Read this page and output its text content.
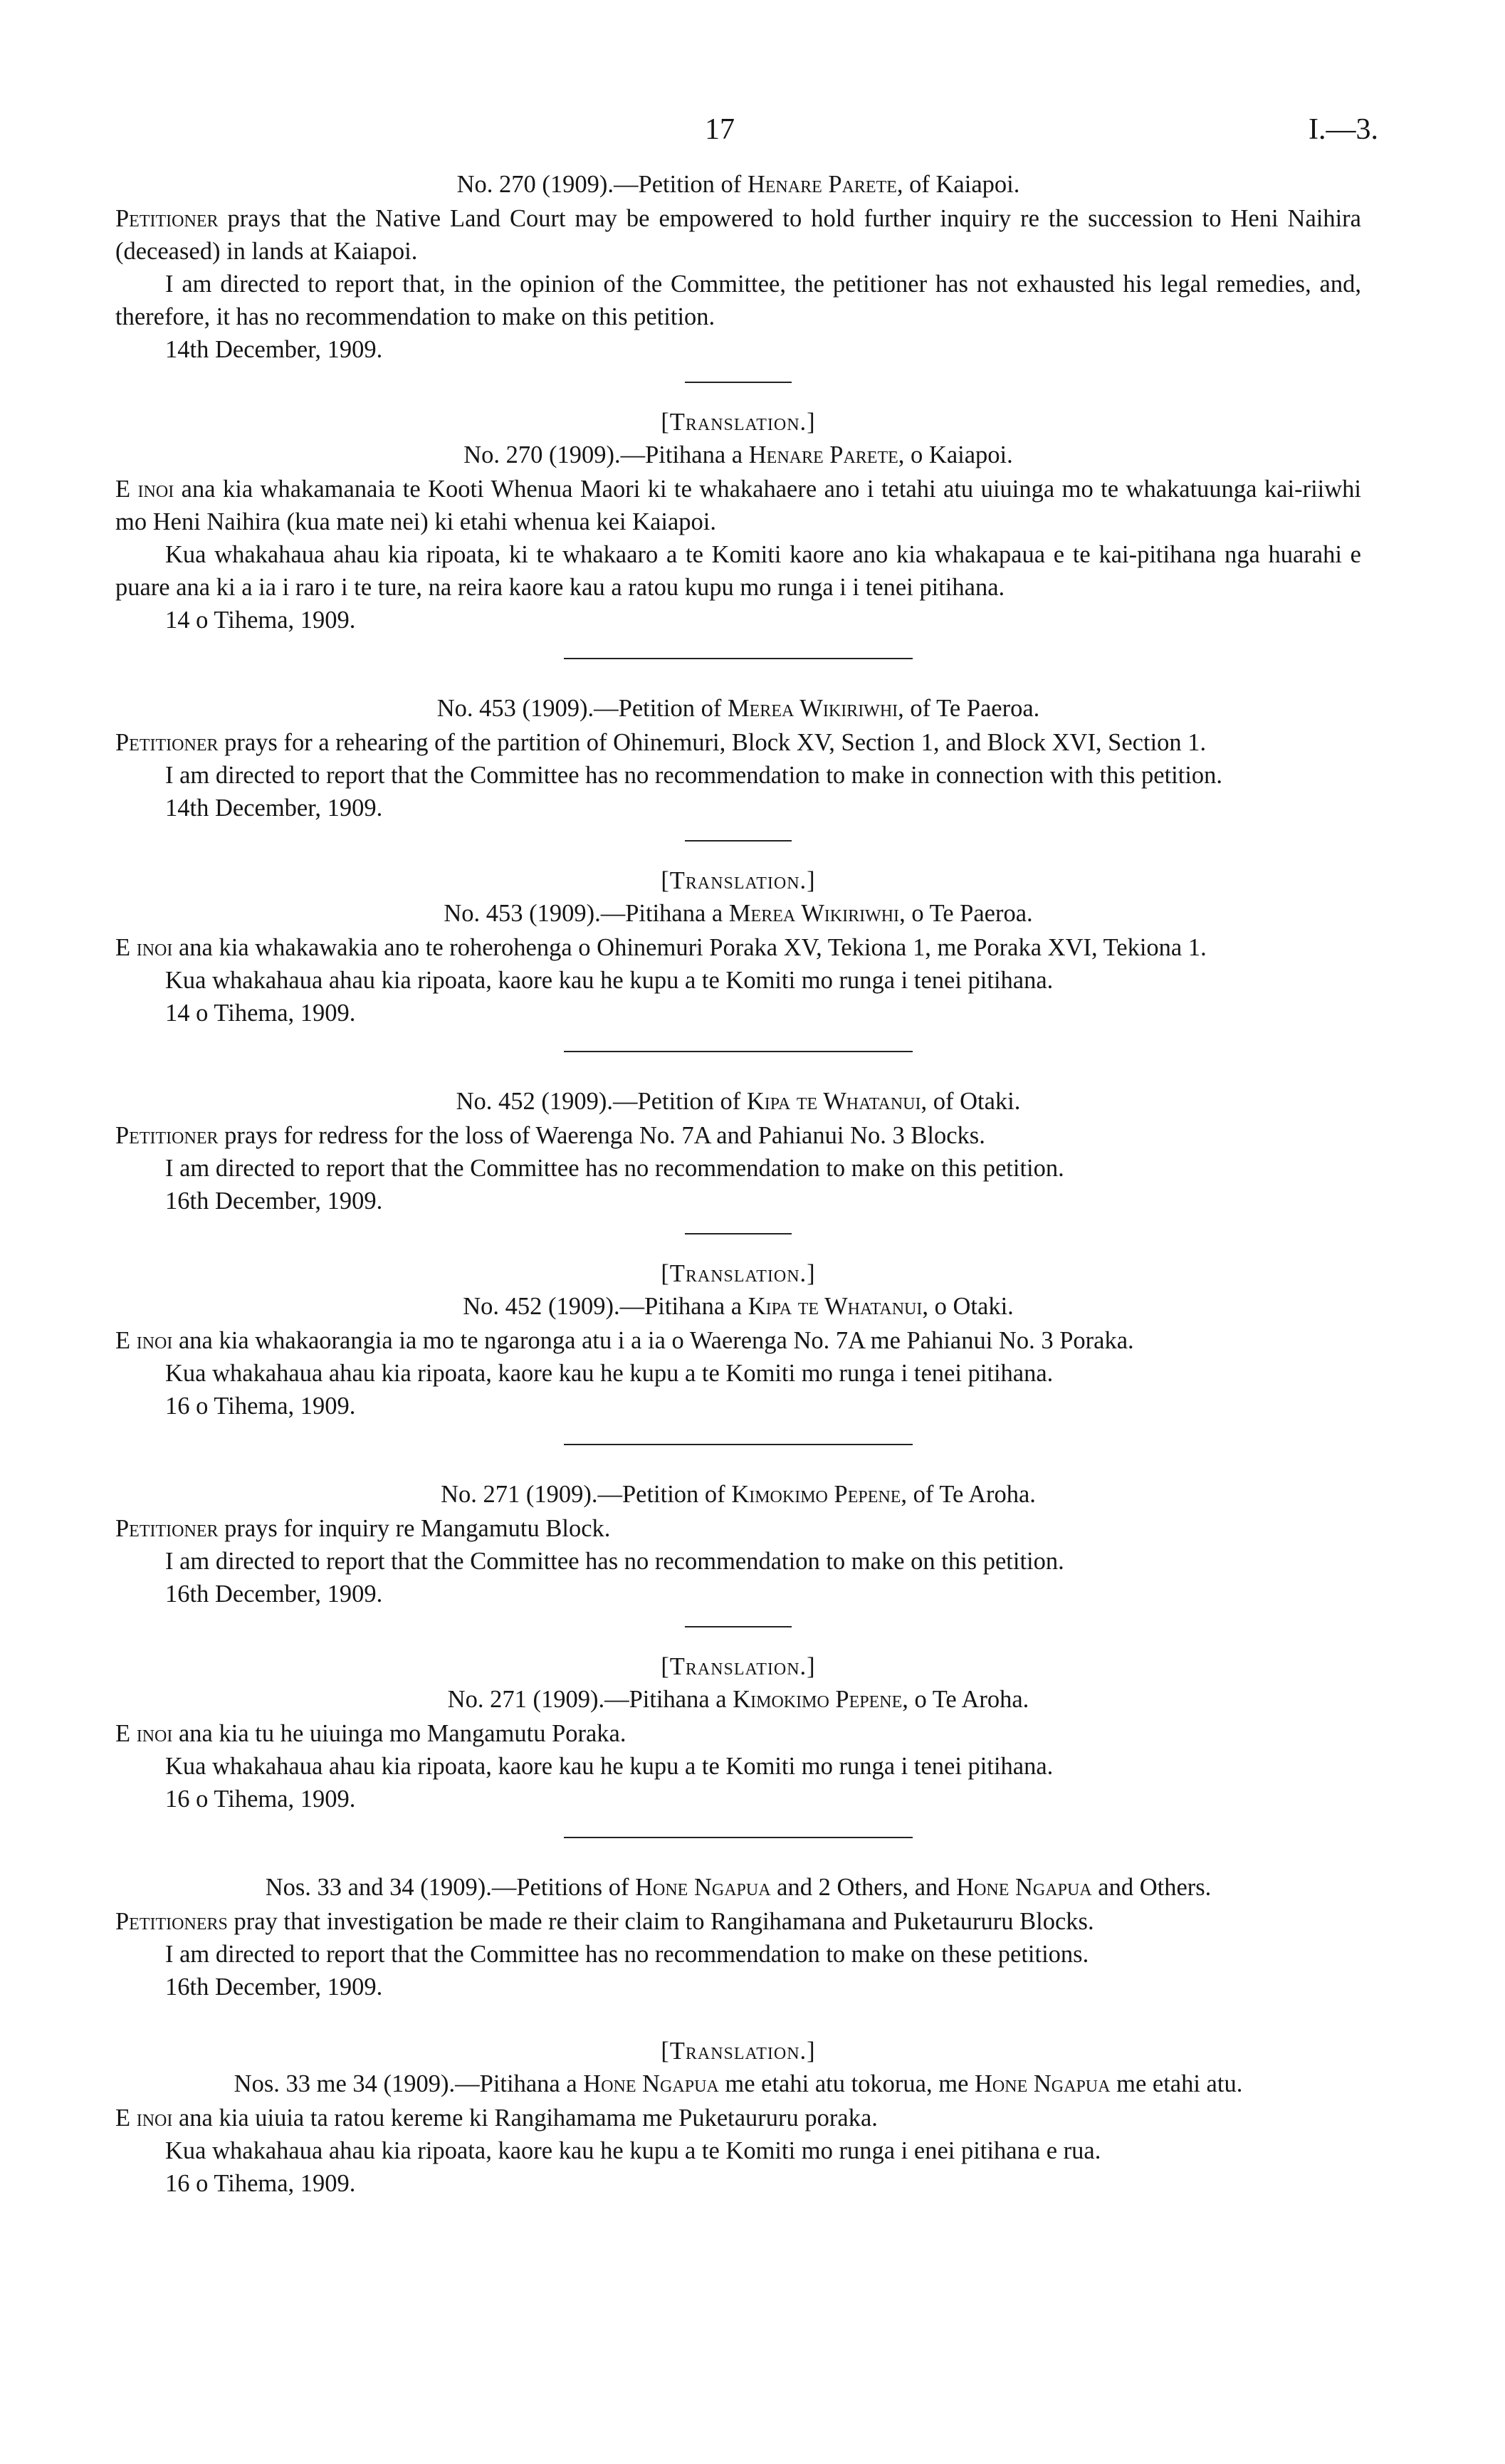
17	I.—3.

No. 270 (1909).—Petition of Henare Parete, of Kaiapoi.

Petitioner prays that the Native Land Court may be empowered to hold further inquiry re the succession to Heni Naihira (deceased) in lands at Kaiapoi.

I am directed to report that, in the opinion of the Committee, the petitioner has not exhausted his legal remedies, and, therefore, it has no recommendation to make on this petition.

14th December, 1909.

[Translation.]

No. 270 (1909).—Pitihana a Henare Parete, o Kaiapoi.

E inoi ana kia whakamanaia te Kooti Whenua Maori ki te whakahaere ano i tetahi atu uiuinga mo te whakatuunga kai-riiwhi mo Heni Naihira (kua mate nei) ki etahi whenua kei Kaiapoi.

Kua whakahaua ahau kia ripoata, ki te whakaaro a te Komiti kaore ano kia whakapaua e te kai-pitihana nga huarahi e puare ana ki a ia i raro i te ture, na reira kaore kau a ratou kupu mo runga i i tenei pitihana.

14 o Tihema, 1909.

No. 453 (1909).—Petition of Merea Wikiriwhi, of Te Paeroa.

Petitioner prays for a rehearing of the partition of Ohinemuri, Block XV, Section 1, and Block XVI, Section 1.

I am directed to report that the Committee has no recommendation to make in connection with this petition.

14th December, 1909.

[Translation.]

No. 453 (1909).—Pitihana a Merea Wikiriwhi, o Te Paeroa.

E inoi ana kia whakawakia ano te roherohenga o Ohinemuri Poraka XV, Tekiona 1, me Poraka XVI, Tekiona 1.

Kua whakahaua ahau kia ripoata, kaore kau he kupu a te Komiti mo runga i tenei pitihana.

14 o Tihema, 1909.

No. 452 (1909).—Petition of Kipa te Whatanui, of Otaki.

Petitioner prays for redress for the loss of Waerenga No. 7A and Pahianui No. 3 Blocks.

I am directed to report that the Committee has no recommendation to make on this petition.

16th December, 1909.

[Translation.]

No. 452 (1909).—Pitihana a Kipa te Whatanui, o Otaki.

E inoi ana kia whakaorangia ia mo te ngaronga atu i a ia o Waerenga No. 7A me Pahianui No. 3 Poraka.

Kua whakahaua ahau kia ripoata, kaore kau he kupu a te Komiti mo runga i tenei pitihana.

16 o Tihema, 1909.

No. 271 (1909).—Petition of Kimokimo Pepene, of Te Aroha.

Petitioner prays for inquiry re Mangamutu Block.

I am directed to report that the Committee has no recommendation to make on this petition.

16th December, 1909.

[Translation.]

No. 271 (1909).—Pitihana a Kimokimo Pepene, o Te Aroha.

E inoi ana kia tu he uiuinga mo Mangamutu Poraka.

Kua whakahaua ahau kia ripoata, kaore kau he kupu a te Komiti mo runga i tenei pitihana.

16 o Tihema, 1909.

Nos. 33 and 34 (1909).—Petitions of Hone Ngapua and 2 Others, and Hone Ngapua and Others.

Petitioners pray that investigation be made re their claim to Rangihamana and Puketaururu Blocks.

I am directed to report that the Committee has no recommendation to make on these petitions.

16th December, 1909.

[Translation.]

Nos. 33 me 34 (1909).—Pitihana a Hone Ngapua me etahi atu tokorua, me Hone Ngapua me etahi atu.

E inoi ana kia uiuia ta ratou kereme ki Rangihamama me Puketaururu poraka.

Kua whakahaua ahau kia ripoata, kaore kau he kupu a te Komiti mo runga i enei pitihana e rua.

16 o Tihema, 1909.
